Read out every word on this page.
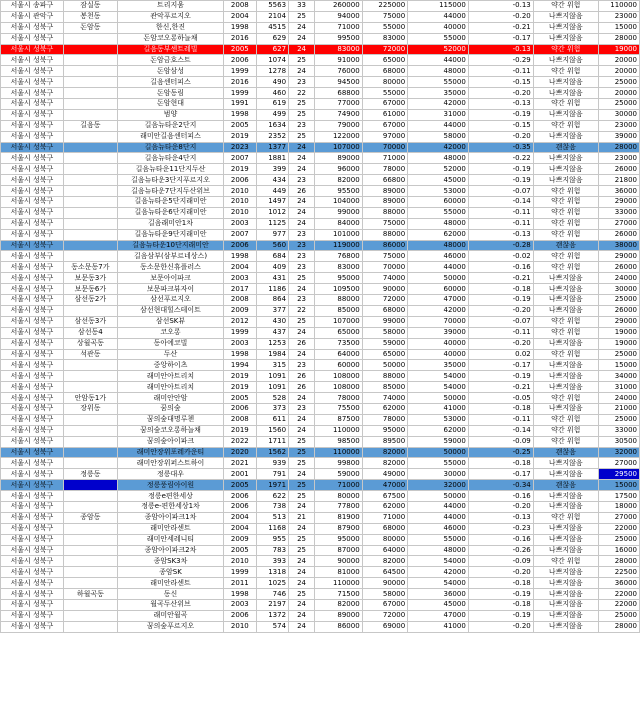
서울시 송파구	잠실동	트리지움	2008	5563	33	260000	225000	115000	-0.13	약간 위험	110000
서울시 관악구	봉천동	관악푸르지오	2004	2104	25	94000	75000	44000	-0.20	나쁘지않음	23000
서울시 성북구	돈암동	한신,한진	1998	4515	24	71000	55000	40000	-0.21	나쁘지않음	15000
서울시 성북구		돈암코오롱하늘채	2016	629	24	99500	83000	55000	-0.17	나쁘지않음	28000
서울시 성북구		길음동부센트레빌	2005	627	24	83000	72000	52000	-0.13	약간 위험	19000
서울시 성북구		돈암금호스트	2006	1074	25	91000	65000	44000	-0.29	나쁘지않음	20000
서울시 성북구		돈암삼성	1999	1278	24	76000	68000	48000	-0.11	약간 위험	20000
서울시 성북구		길음센터피스	2016	490	23	94500	80000	55000	-0.15	나쁘지않음	25000
서울시 성북구		돈암동림	1999	460	22	68800	55000	35000	-0.20	나쁘지않음	20000
서울시 성북구		돈암현대	1991	619	25	77000	67000	42000	-0.13	약간 위험	25000
서울시 성북구		범양	1998	499	25	74900	61000	31000	-0.19	나쁘지않음	30000
서울시 성북구	길음동	길음뉴타운2단지	2005	1634	23	79000	67000	44000	-0.15	약간 위험	23000
서울시 성북구		래미안길음센터피스	2019	2352	25	122000	97000	58000	-0.20	나쁘지않음	39000
서울시 성북구		길음뉴타운8단지	2023	1377	24	107000	70000	42000	-0.35	괜찮음	28000
서울시 성북구		길음뉴타운4단지	2007	1881	24	89000	71000	48000	-0.22	나쁘지않음	23000
서울시 성북구		길음뉴타운11단지두산	2019	399	24	96000	78000	52000	-0.19	나쁘지않음	26000
서울시 성북구		길음뉴타운3단지푸르지오	2006	434	23	82000	66800	45000	-0.19	나쁘지않음	21800
서울시 성북구		길음뉴타운7단지두산위브	2010	449	26	95500	89000	53000	-0.07	약간 위험	36000
서울시 성북구		길음뉴타운5단지래미안	2010	1497	24	104000	89000	60000	-0.14	약간 위험	29000
서울시 성북구		길음뉴타운6단지래미안	2010	1012	24	99000	88000	55000	-0.11	약간 위험	33000
서울시 성북구		길음래미안1차	2003	1125	24	84000	75000	48000	-0.11	약간 위험	27000
서울시 성북구		길음뉴타운9단지래미안	2007	977	23	101000	88000	62000	-0.13	약간 위험	26000
서울시 성북구		길음뉴타운10단지래미안	2006	560	23	119000	86000	48000	-0.28	괜찮음	38000
서울시 성북구		길음삼부(삼부르네상스)	1998	684	23	76800	75000	46000	-0.02	약간 위험	29000
서울시 성북구	동소문동7가	동소문한신휴플러스	2004	409	23	83000	70000	44000	-0.16	약간 위험	26000
서울시 성북구	보문동3가	보문아이파크	2003	431	25	95000	74000	50000	-0.21	나쁘지않음	24000
서울시 성북구	보문동6가	보문파크뷰자이	2017	1186	24	109500	90000	60000	-0.18	나쁘지않음	30000
서울시 성북구	삼선동2가	삼선푸르지오	2008	864	23	88000	72000	47000	-0.19	나쁘지않음	25000
서울시 성북구		삼선현대힐스테이트	2009	377	22	85000	68000	42000	-0.20	나쁘지않음	26000
서울시 성북구	삼선동3가	삼선SK뷰	2012	430	25	107000	99000	70000	-0.07	약간 위험	29000
서울시 성북구	삼선동4	코오롱	1999	437	24	65000	58000	39000	-0.11	약간 위험	19000
서울시 성북구	상월곡동	동아에코빌	2003	1253	26	73500	59000	40000	-0.20	나쁘지않음	19000
서울시 성북구	석관동	두산	1998	1984	24	64000	65000	40000	0.02	약간 위험	25000
서울시 성북구		중앙하이츠	1994	315	23	60000	50000	35000	-0.17	나쁘지않음	15000
서울시 성북구		래미안아트리치	2019	1091	26	108000	88000	54000	-0.19	나쁘지않음	34000
서울시 성북구		래미안아트리치	2019	1091	26	108000	85000	54000	-0.21	나쁘지않음	31000
서울시 성북구	안암동1가	래미안안암	2005	528	24	78000	74000	50000	-0.05	약간 위험	24000
서울시 성북구	장위동	꿈의숲	2006	373	23	75500	62000	41000	-0.18	나쁘지않음	21000
서울시 성북구		꿈의숲대명루첸	2008	611	24	87500	78000	53000	-0.11	약간 위험	25000
서울시 성북구		꿈의숲코오롱하늘채	2019	1560	24	110000	95000	62000	-0.14	약간 위험	33000
서울시 성북구		꿈의숲아이파크	2022	1711	25	98500	89500	59000	-0.09	약간 위험	30500
서울시 성북구		래미안장위포레카운티	2020	1562	25	110000	82000	50000	-0.25	괜찮음	32000
서울시 성북구		래미안장위퍼스트하이	2021	939	25	99800	82000	55000	-0.18	나쁘지않음	27000
서울시 성북구	정릉동	정릉대우	2001	791	24	59000	49000	30000	-0.17	나쁘지않음	29500
서울시 성북구		정릉풍림아이원	2005	1971	25	71000	47000	32000	-0.34	괜찮음	15000
서울시 성북구		정릉e편한세상	2006	622	25	80000	67500	50000	-0.16	나쁘지않음	17500
서울시 성북구		정릉e-편한세상1차	2006	738	24	77800	62000	44000	-0.20	나쁘지않음	18000
서울시 성북구	종암동	종암아이파크1차	2004	513	21	81900	71000	44000	-0.13	약간 위험	27000
서울시 성북구		래미안라센트	2004	1168	24	87900	68000	46000	-0.23	나쁘지않음	22000
서울시 성북구		래미안세레니티	2009	955	25	95000	80000	55000	-0.16	나쁘지않음	25000
서울시 성북구		종암아이파크2차	2005	783	25	87000	64000	48000	-0.26	나쁘지않음	16000
서울시 성북구		종암SK3차	2010	393	24	90000	82000	54000	-0.09	약간 위험	28000
서울시 성북구		종암SK	1999	1318	24	81000	64500	42000	-0.20	나쁘지않음	22500
서울시 성북구		래미안라센트	2011	1025	24	110000	90000	54000	-0.18	나쁘지않음	36000
서울시 성북구	하월곡동	동신	1998	746	25	71500	58000	36000	-0.19	나쁘지않음	22000
서울시 성북구		월곡두산위브	2003	2197	24	82000	67000	45000	-0.18	나쁘지않음	22000
서울시 성북구		래미안월곡	2006	1372	24	89000	72000	47000	-0.19	나쁘지않음	25000
서울시 성북구		꿈의숲푸르지오	2010	574	24	86000	69000	41000	-0.20	나쁘지않음	28000
